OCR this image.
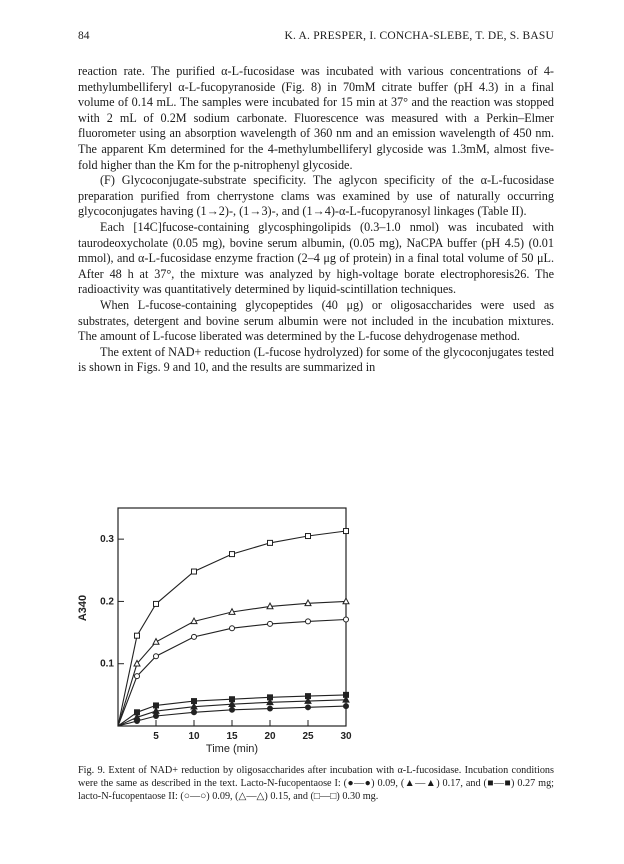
84	K. A. PRESPER, I. CONCHA-SLEBE, T. DE, S. BASU

reaction rate. The purified α-L-fucosidase was incubated with various concentrations of 4-methylumbelliferyl α-L-fucopyranoside (Fig. 8) in 70mM citrate buffer (pH 4.3) in a final volume of 0.14 mL. The samples were incubated for 15 min at 37° and the reaction was stopped with 2 mL of 0.2M sodium carbonate. Fluorescence was measured with a Perkin–Elmer fluorometer using an absorption wavelength of 360 nm and an emission wavelength of 450 nm. The apparent Km determined for the 4-methylumbelliferyl glycoside was 1.3mM, almost five-fold higher than the Km for the p-nitrophenyl glycoside.

(F) Glycoconjugate-substrate specificity. The aglycon specificity of the α-L-fucosidase preparation purified from cherrystone clams was examined by use of naturally occurring glycoconjugates having (1→2)-, (1→3)-, and (1→4)-α-L-fucopyranosyl linkages (Table II).

Each [14C]fucose-containing glycosphingolipids (0.3–1.0 nmol) was incubated with taurodeoxycholate (0.05 mg), bovine serum albumin, (0.05 mg), NaCPA buffer (pH 4.5) (0.01 mmol), and α-L-fucosidase enzyme fraction (2–4 μg of protein) in a final total volume of 50 μL. After 48 h at 37°, the mixture was analyzed by high-voltage borate electrophoresis26. The radioactivity was quantitatively determined by liquid-scintillation techniques.

When L-fucose-containing glycopeptides (40 μg) or oligosaccharides were used as substrates, detergent and bovine serum albumin were not included in the incubation mixtures. The amount of L-fucose liberated was determined by the L-fucose dehydrogenase method.

The extent of NAD+ reduction (L-fucose hydrolyzed) for some of the glycoconjugates tested is shown in Figs. 9 and 10, and the results are summarized in

5	10	15	20	25	30
0.1
0.2
0.3
A340
Time (min)

Fig. 9. Extent of NAD+ reduction by oligosaccharides after incubation with α-L-fucosidase. Incubation conditions were the same as described in the text. Lacto-N-fucopentaose I: (●—●) 0.09, (▲—▲) 0.17, and (■—■) 0.27 mg; lacto-N-fucopentaose II: (○—○) 0.09, (△—△) 0.15, and (□—□) 0.30 mg.
